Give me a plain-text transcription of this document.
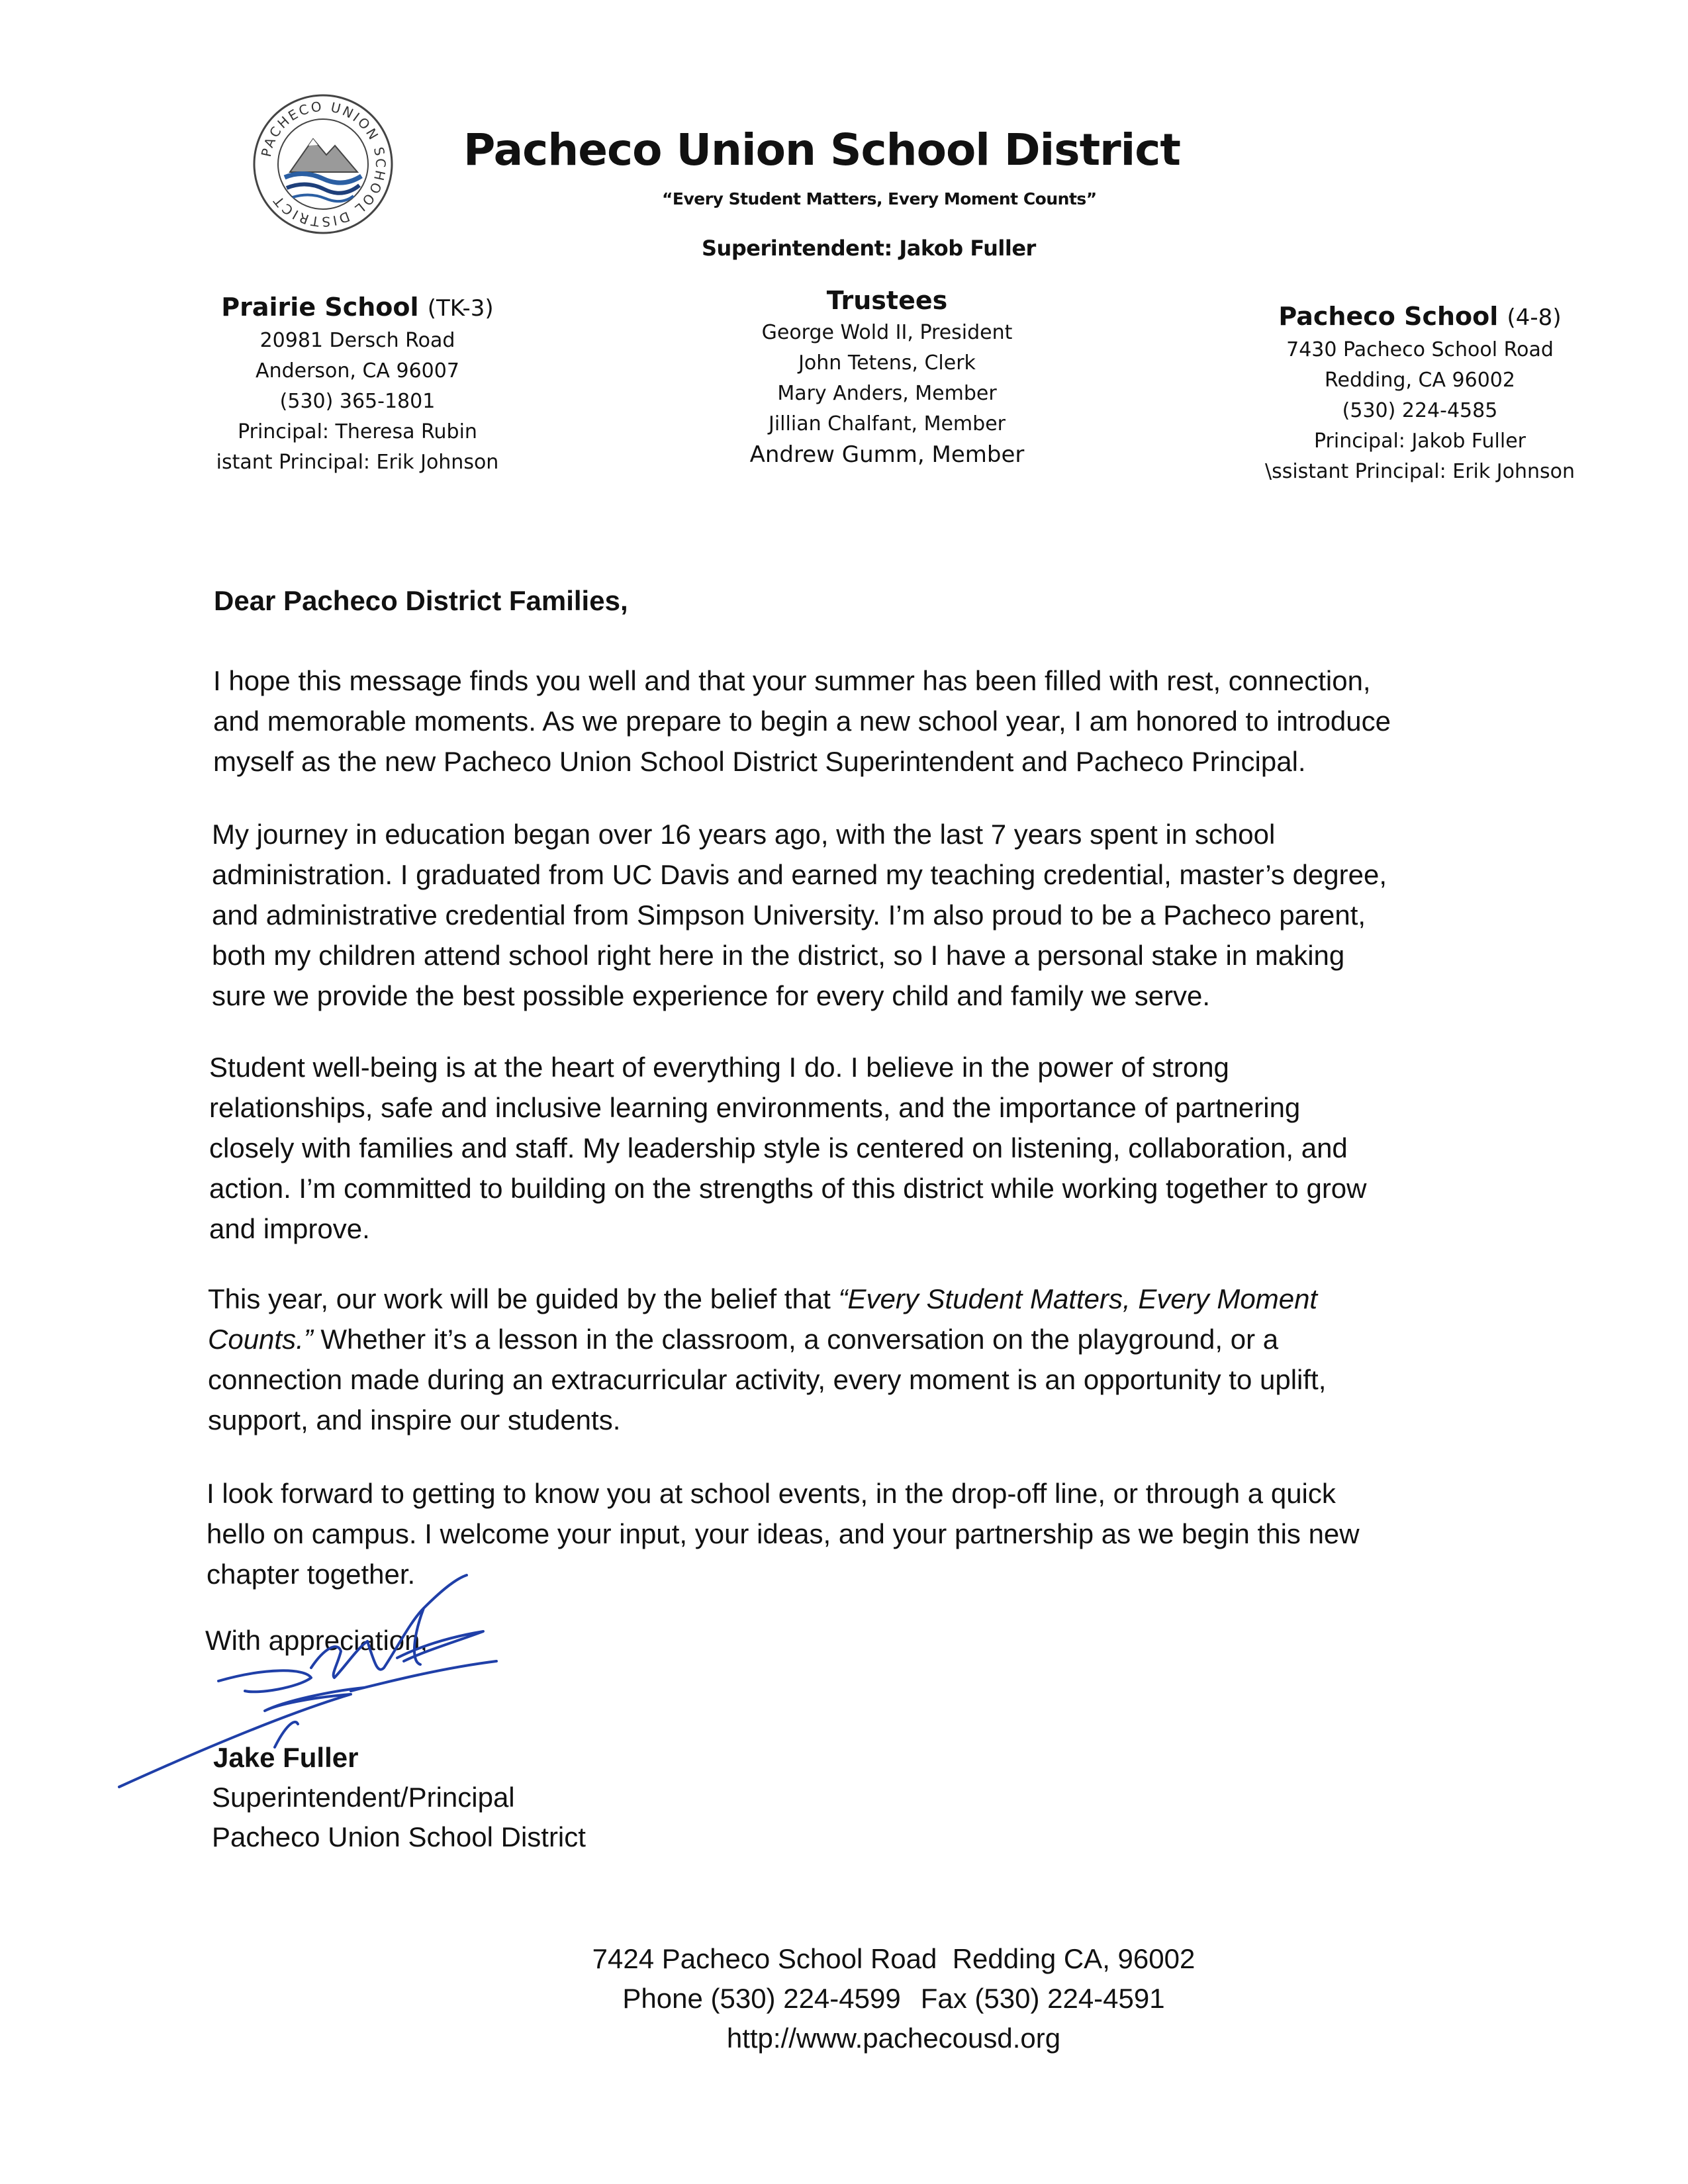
PACHECO UNION SCHOOL DISTRICT
Pacheco Union School District
“Every Student Matters, Every Moment Counts”
Superintendent: Jakob Fuller
Prairie School (TK-3)
20981 Dersch Road
Anderson, CA 96007
(530) 365-1801
Principal: Theresa Rubin
istant Principal: Erik Johnson
Trustees
George Wold II, President
John Tetens, Clerk
Mary Anders, Member
Jillian Chalfant, Member
Andrew Gumm, Member
Pacheco School (4-8)
7430 Pacheco School Road
Redding, CA 96002
(530) 224-4585
Principal: Jakob Fuller
\ssistant Principal: Erik Johnson
Dear Pacheco District Families,
I hope this message finds you well and that your summer has been filled with rest, connection,
and memorable moments. As we prepare to begin a new school year, I am honored to introduce
myself as the new Pacheco Union School District Superintendent and Pacheco Principal.
My journey in education began over 16 years ago, with the last 7 years spent in school
administration. I graduated from UC Davis and earned my teaching credential, master’s degree,
and administrative credential from Simpson University. I’m also proud to be a Pacheco parent,
both my children attend school right here in the district, so I have a personal stake in making
sure we provide the best possible experience for every child and family we serve.
Student well-being is at the heart of everything I do. I believe in the power of strong
relationships, safe and inclusive learning environments, and the importance of partnering
closely with families and staff. My leadership style is centered on listening, collaboration, and
action. I’m committed to building on the strengths of this district while working together to grow
and improve.
This year, our work will be guided by the belief that “Every Student Matters, Every Moment
Counts.” Whether it’s a lesson in the classroom, a conversation on the playground, or a
connection made during an extracurricular activity, every moment is an opportunity to uplift,
support, and inspire our students.
I look forward to getting to know you at school events, in the drop-off line, or through a quick
hello on campus. I welcome your input, your ideas, and your partnership as we begin this new
chapter together.
With appreciation,
Jake Fuller
Superintendent/Principal
Pacheco Union School District
7424 Pacheco School Road  Redding CA, 96002
Phone (530) 224-4599 Fax (530) 224-4591
http://www.pachecousd.org
